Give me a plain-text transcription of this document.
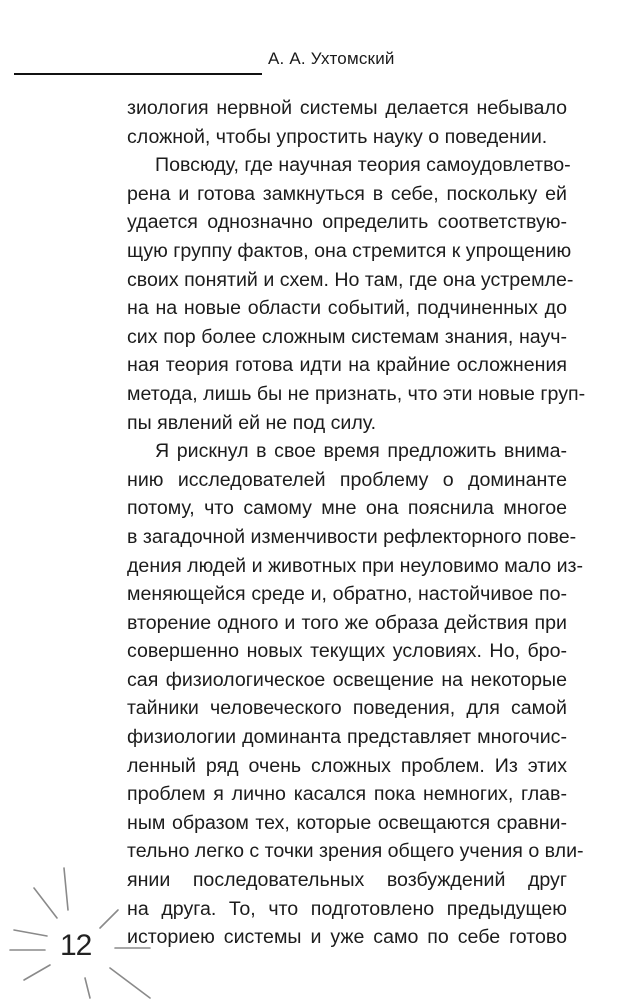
А. А. Ухтомский

зиология нервной системы делается небывало
сложной, чтобы упростить науку о поведении.

Повсюду, где научная теория самоудовлетво-
рена и готова замкнуться в себе, поскольку ей
удается однозначно определить соответствую-
щую группу фактов, она стремится к упрощению
своих понятий и схем. Но там, где она устремле-
на на новые области событий, подчиненных до
сих пор более сложным системам знания, науч-
ная теория готова идти на крайние осложнения
метода, лишь бы не признать, что эти новые груп-
пы явлений ей не под силу.

Я рискнул в свое время предложить внима-
нию исследователей проблему о доминанте
потому, что самому мне она пояснила многое
в загадочной изменчивости рефлекторного пове-
дения людей и животных при неуловимо мало из-
меняющейся среде и, обратно, настойчивое по-
вторение одного и того же образа действия при
совершенно новых текущих условиях. Но, бро-
сая физиологическое освещение на некоторые
тайники человеческого поведения, для самой
физиологии доминанта представляет многочис-
ленный ряд очень сложных проблем. Из этих
проблем я лично касался пока немногих, глав-
ным образом тех, которые освещаются сравни-
тельно легко с точки зрения общего учения о вли-
янии последовательных возбуждений друг
на друга. То, что подготовлено предыдущею
историею системы и уже само по себе готово

12
